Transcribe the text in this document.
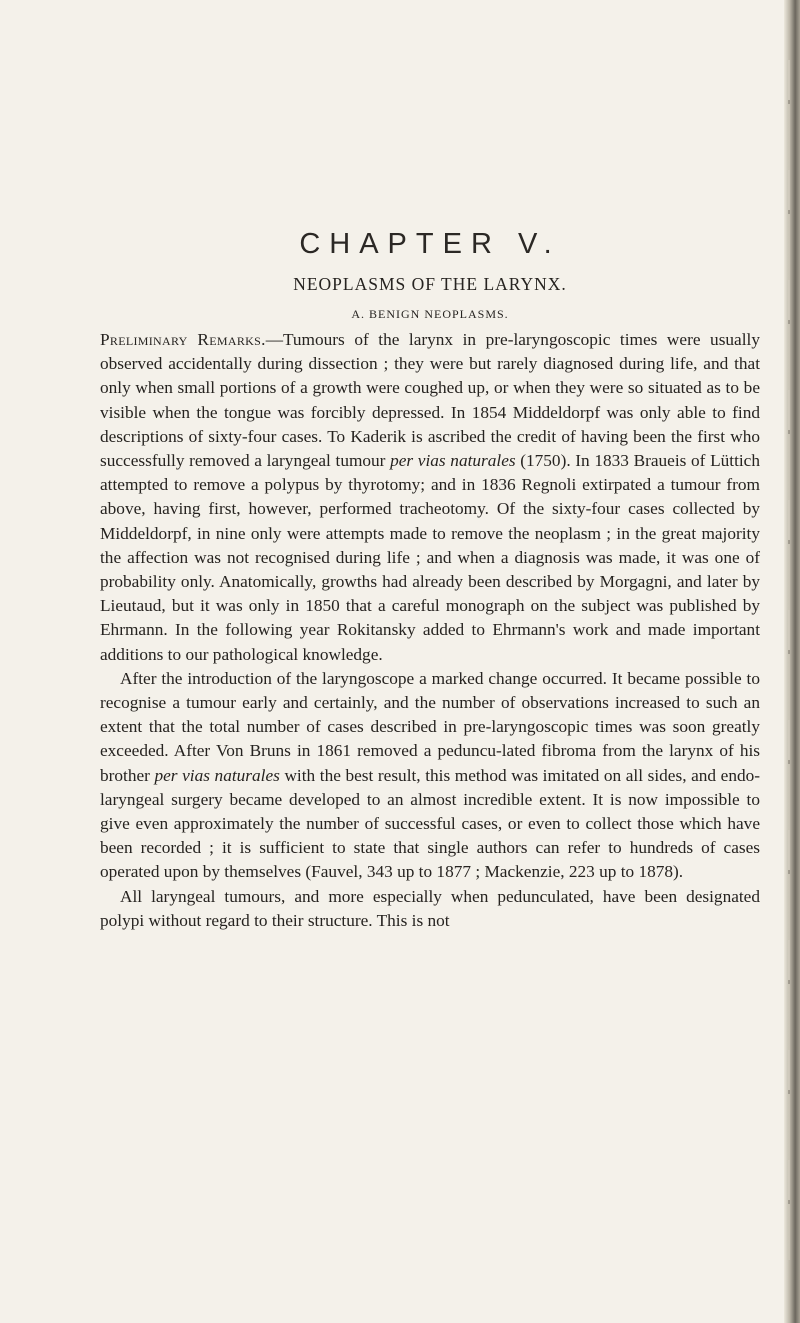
CHAPTER V.
NEOPLASMS OF THE LARYNX.
A. BENIGN NEOPLASMS.

Preliminary Remarks.—Tumours of the larynx in pre-laryngoscopic times were usually observed accidentally during dissection ; they were but rarely diagnosed during life, and that only when small portions of a growth were coughed up, or when they were so situated as to be visible when the tongue was forcibly depressed. In 1854 Middeldorpf was only able to find descriptions of sixty-four cases. To Kaderik is ascribed the credit of having been the first who successfully removed a laryngeal tumour per vias naturales (1750). In 1833 Braueis of Lüttich attempted to remove a polypus by thyrotomy; and in 1836 Regnoli extirpated a tumour from above, having first, however, performed tracheotomy. Of the sixty-four cases collected by Middeldorpf, in nine only were attempts made to remove the neoplasm ; in the great majority the affection was not recognised during life ; and when a diagnosis was made, it was one of probability only. Anatomically, growths had already been described by Morgagni, and later by Lieutaud, but it was only in 1850 that a careful monograph on the subject was published by Ehrmann. In the following year Rokitansky added to Ehrmann's work and made important additions to our pathological knowledge.

After the introduction of the laryngoscope a marked change occurred. It became possible to recognise a tumour early and certainly, and the number of observations increased to such an extent that the total number of cases described in pre-laryngoscopic times was soon greatly exceeded. After Von Bruns in 1861 removed a peduncu-lated fibroma from the larynx of his brother per vias naturales with the best result, this method was imitated on all sides, and endo-laryngeal surgery became developed to an almost incredible extent. It is now impossible to give even approximately the number of successful cases, or even to collect those which have been recorded ; it is sufficient to state that single authors can refer to hundreds of cases operated upon by themselves (Fauvel, 343 up to 1877 ; Mackenzie, 223 up to 1878).

All laryngeal tumours, and more especially when pedunculated, have been designated polypi without regard to their structure. This is not
